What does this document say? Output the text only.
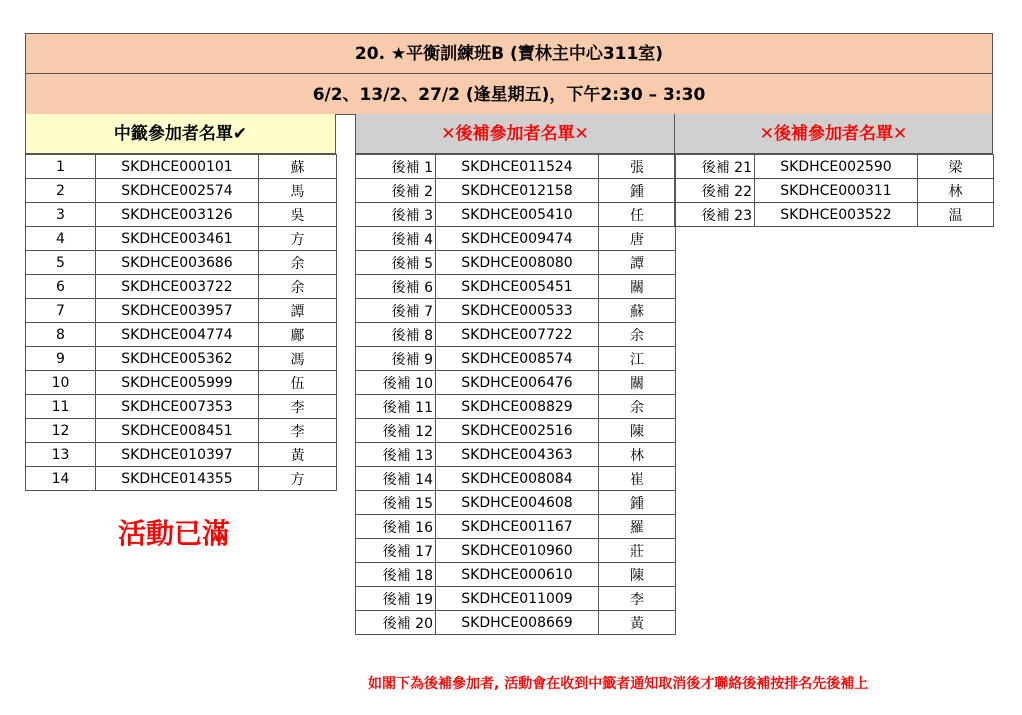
20. ★平衡訓練班B (寶林主中心311室)
6/2、13/2、27/2 (逢星期五)，下午2:30 – 3:30
中籤參加者名單✔
1	SKDHCE000101	蘇
2	SKDHCE002574	馬
3	SKDHCE003126	吳
4	SKDHCE003461	方
5	SKDHCE003686	余
6	SKDHCE003722	余
7	SKDHCE003957	譚
8	SKDHCE004774	鄺
9	SKDHCE005362	馮
10	SKDHCE005999	伍
11	SKDHCE007353	李
12	SKDHCE008451	李
13	SKDHCE010397	黃
14	SKDHCE014355	方
✕後補參加者名單✕
後補 1	SKDHCE011524	張
後補 2	SKDHCE012158	鍾
後補 3	SKDHCE005410	任
後補 4	SKDHCE009474	唐
後補 5	SKDHCE008080	譚
後補 6	SKDHCE005451	關
後補 7	SKDHCE000533	蘇
後補 8	SKDHCE007722	余
後補 9	SKDHCE008574	江
後補 10	SKDHCE006476	關
後補 11	SKDHCE008829	余
後補 12	SKDHCE002516	陳
後補 13	SKDHCE004363	林
後補 14	SKDHCE008084	崔
後補 15	SKDHCE004608	鍾
後補 16	SKDHCE001167	羅
後補 17	SKDHCE010960	莊
後補 18	SKDHCE000610	陳
後補 19	SKDHCE011009	李
後補 20	SKDHCE008669	黃
✕後補參加者名單✕
後補 21	SKDHCE002590	梁
後補 22	SKDHCE000311	林
後補 23	SKDHCE003522	温
活動已滿
如閣下為後補參加者, 活動會在收到中籤者通知取消後才聯絡後補按排名先後補上
